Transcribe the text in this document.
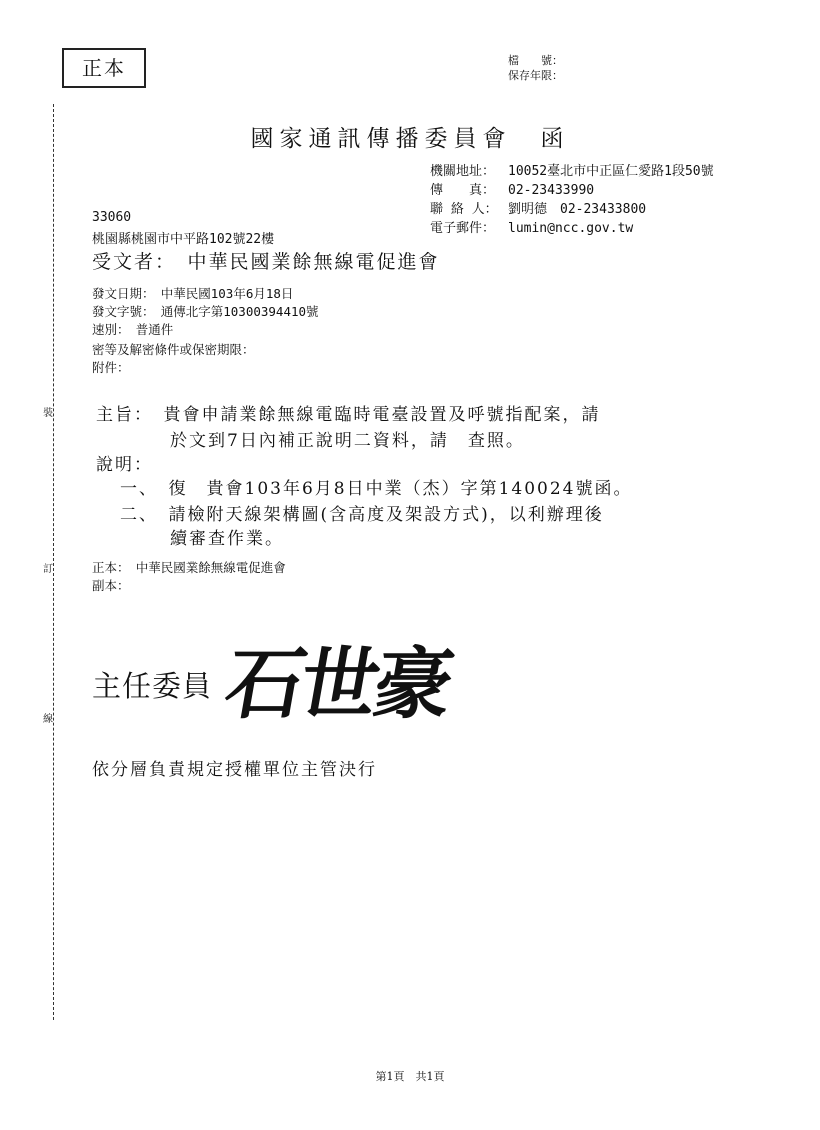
裝
訂
線
正本	檔　　號：
保存年限：
國家通訊傳播委員會　函
機關地址： 10052臺北市中正區仁愛路1段50號
傳　　真： 02-23433990
聯 絡 人： 劉明德　02-23433800
電子郵件： lumin@ncc.gov.tw
33060
桃園縣桃園市中平路102號22樓
受文者：　中華民國業餘無線電促進會
發文日期：　中華民國103年6月18日
發文字號：　通傳北字第10300394410號
速別：　普通件
密等及解密條件或保密期限：
附件：
主旨：　貴會申請業餘無線電臨時電臺設置及呼號指配案，請
於文到7日內補正說明二資料，請　查照。
說明：
一、　復　貴會103年6月8日中業（杰）字第140024號函。
二、　請檢附天線架構圖(含高度及架設方式)，以利辦理後
續審查作業。
正本：　中華民國業餘無線電促進會
副本：
主任委員 石世豪
依分層負責規定授權單位主管決行
第1頁　共1頁
